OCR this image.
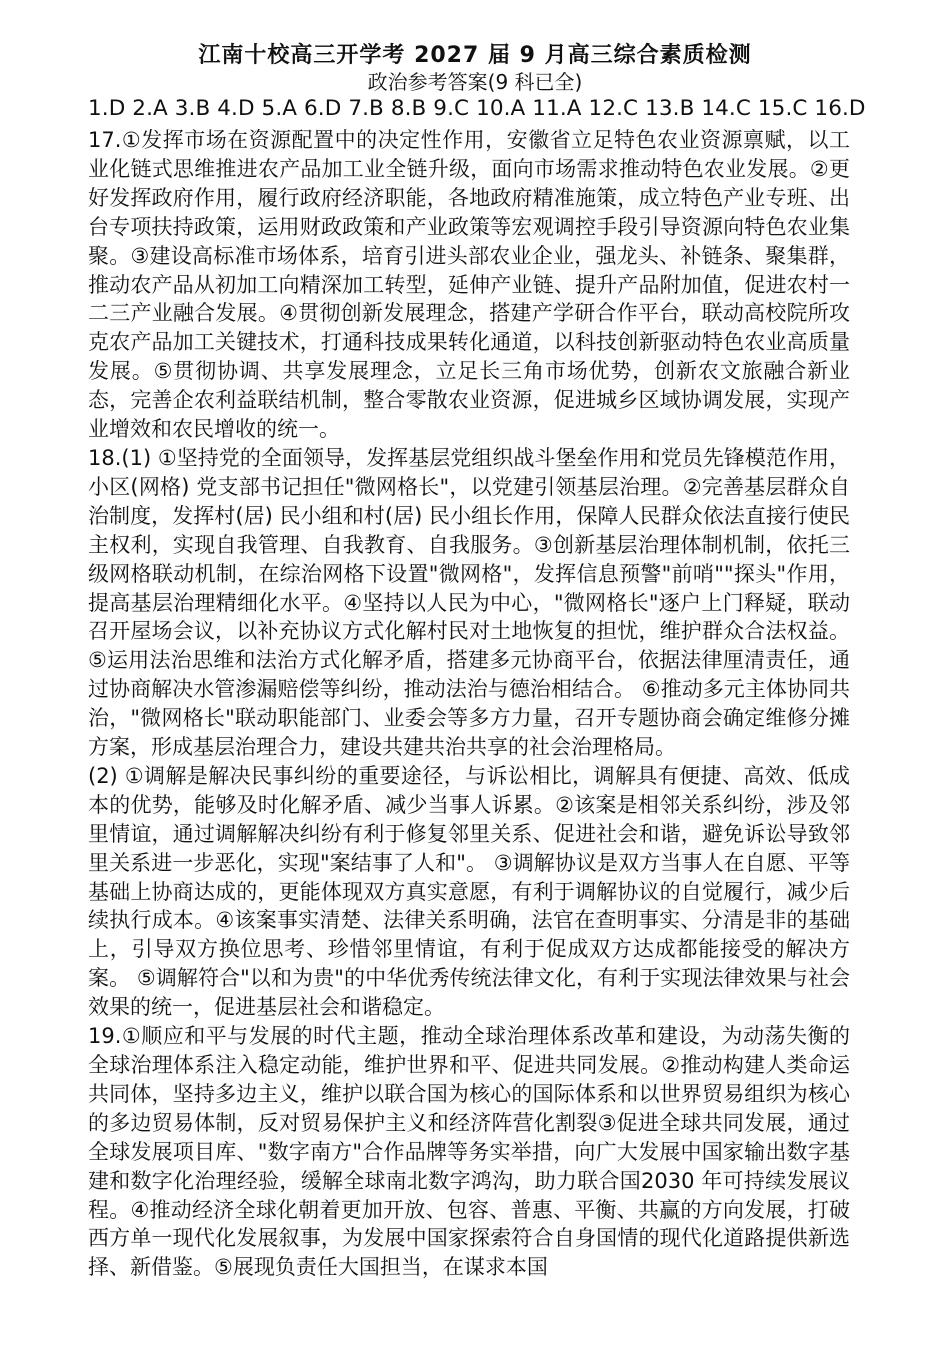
江南十校高三开学考 2027 届 9 月高三综合素质检测
政治参考答案(9 科已全)
1.D 2.A 3.B 4.D 5.A 6.D 7.B 8.B 9.C 10.A 11.A 12.C 13.B 14.C 15.C 16.D

17.①发挥市场在资源配置中的决定性作用，安徽省立足特色农业资源禀赋，以工业化链式思维推进农产品加工业全链升级，面向市场需求推动特色农业发展。②更好发挥政府作用，履行政府经济职能，各地政府精准施策，成立特色产业专班、出台专项扶持政策，运用财政政策和产业政策等宏观调控手段引导资源向特色农业集聚。③建设高标准市场体系，培育引进头部农业企业，强龙头、补链条、聚集群，推动农产品从初加工向精深加工转型，延伸产业链、提升产品附加值，促进农村一二三产业融合发展。④贯彻创新发展理念，搭建产学研合作平台，联动高校院所攻克农产品加工关键技术，打通科技成果转化通道，以科技创新驱动特色农业高质量发展。⑤贯彻协调、共享发展理念，立足长三角市场优势，创新农文旅融合新业态，完善企农利益联结机制，整合零散农业资源，促进城乡区域协调发展，实现产业增效和农民增收的统一。

18.(1) ①坚持党的全面领导，发挥基层党组织战斗堡垒作用和党员先锋模范作用，小区(网格) 党支部书记担任"微网格长"，以党建引领基层治理。②完善基层群众自治制度，发挥村(居) 民小组和村(居) 民小组长作用，保障人民群众依法直接行使民主权利，实现自我管理、自我教育、自我服务。③创新基层治理体制机制，依托三级网格联动机制，在综治网格下设置"微网格"，发挥信息预警"前哨""探头"作用，提高基层治理精细化水平。④坚持以人民为中心，"微网格长"逐户上门释疑，联动召开屋场会议，以补充协议方式化解村民对土地恢复的担忧，维护群众合法权益。⑤运用法治思维和法治方式化解矛盾，搭建多元协商平台，依据法律厘清责任，通过协商解决水管渗漏赔偿等纠纷，推动法治与德治相结合。 ⑥推动多元主体协同共治，"微网格长"联动职能部门、业委会等多方力量，召开专题协商会确定维修分摊方案，形成基层治理合力，建设共建共治共享的社会治理格局。

(2) ①调解是解决民事纠纷的重要途径，与诉讼相比，调解具有便捷、高效、低成本的优势，能够及时化解矛盾、减少当事人诉累。②该案是相邻关系纠纷，涉及邻里情谊，通过调解解决纠纷有利于修复邻里关系、促进社会和谐，避免诉讼导致邻里关系进一步恶化，实现"案结事了人和"。 ③调解协议是双方当事人在自愿、平等基础上协商达成的，更能体现双方真实意愿，有利于调解协议的自觉履行，减少后续执行成本。④该案事实清楚、法律关系明确，法官在查明事实、分清是非的基础上，引导双方换位思考、珍惜邻里情谊，有利于促成双方达成都能接受的解决方案。 ⑤调解符合"以和为贵"的中华优秀传统法律文化，有利于实现法律效果与社会效果的统一，促进基层社会和谐稳定。

19.①顺应和平与发展的时代主题，推动全球治理体系改革和建设，为动荡失衡的全球治理体系注入稳定动能，维护世界和平、促进共同发展。②推动构建人类命运共同体，坚持多边主义，维护以联合国为核心的国际体系和以世界贸易组织为核心的多边贸易体制，反对贸易保护主义和经济阵营化割裂③促进全球共同发展，通过全球发展项目库、"数字南方"合作品牌等务实举措，向广大发展中国家输出数字基建和数字化治理经验，缓解全球南北数字鸿沟，助力联合国2030 年可持续发展议程。④推动经济全球化朝着更加开放、包容、普惠、平衡、共赢的方向发展，打破西方单一现代化发展叙事，为发展中国家探索符合自身国情的现代化道路提供新选择、新借鉴。⑤展现负责任大国担当，在谋求本国
